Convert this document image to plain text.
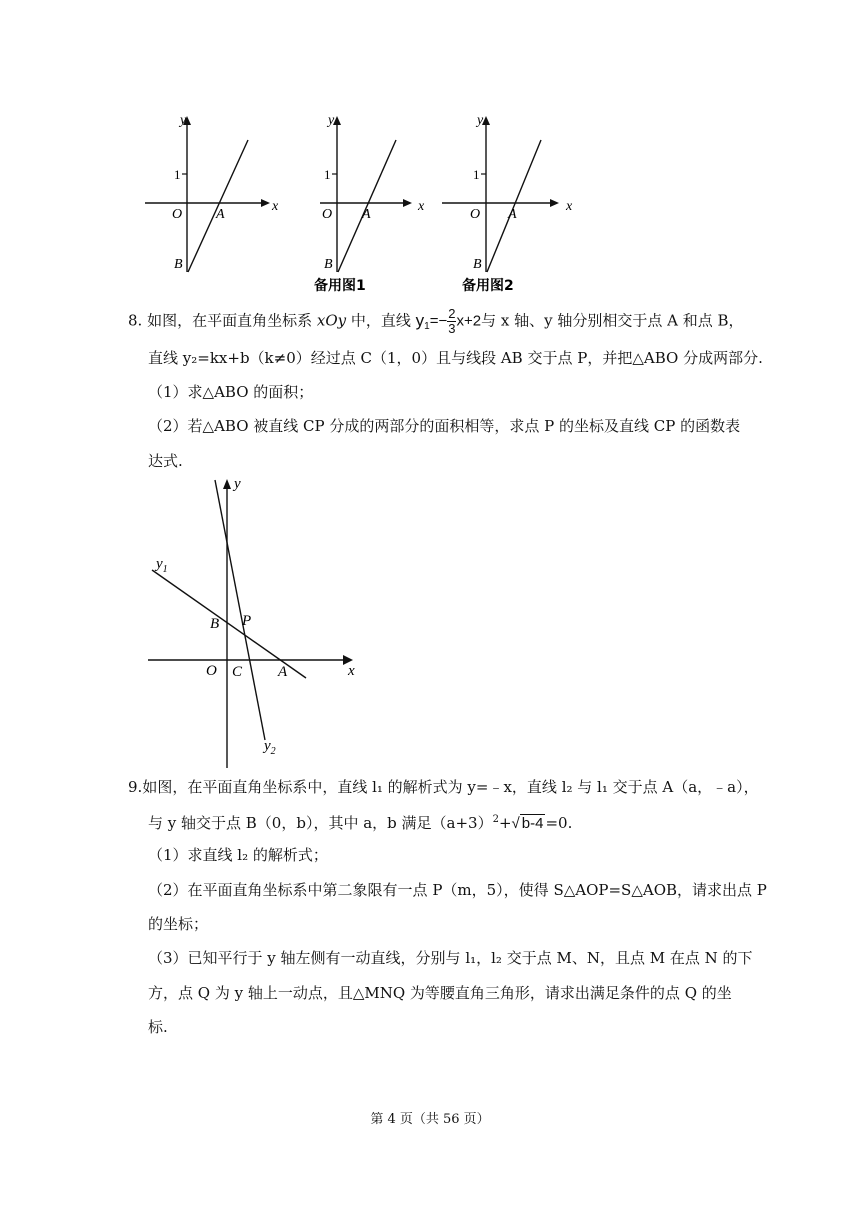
y
x
O
1
A
B
y
x
O
1
A
B
备用图1
y
x
O
1
A
B
备用图2
8. 如图，在平面直角坐标系 xOy 中，直线 $y_1=- \frac{2}{3} x+2$与 x 轴、y 轴分别相交于点 A 和点 B，
直线 y₂=kx+b（k≠0）经过点 C（1，0）且与线段 AB 交于点 P，并把△ABO 分成两部分.
（1）求△ABO 的面积；
（2）若△ABO 被直线 CP 分成的两部分的面积相等，求点 P 的坐标及直线 CP 的函数表
达式.
y
x
O C A
B P
$y_1$
$y_2$
9.如图，在平面直角坐标系中，直线 l₁ 的解析式为 y=﹣x，直线 l₂ 与 l₁ 交于点 A（a，﹣a），
与 y 轴交于点 B（0，b），其中 a，b 满足$(a+3)^2+√$ b-4 =0.
（1）求直线 l₂ 的解析式；
（2）在平面直角坐标系中第二象限有一点 P（m，5），使得 S△AOP=S△AOB，请求出点 P
的坐标；
（3）已知平行于 y 轴左侧有一动直线，分别与 l₁，l₂ 交于点 M、N，且点 M 在点 N 的下
方，点 Q 为 y 轴上一动点，且△MNQ 为等腰直角三角形，请求出满足条件的点 Q 的坐
标.
第 4 页（共 56 页）
